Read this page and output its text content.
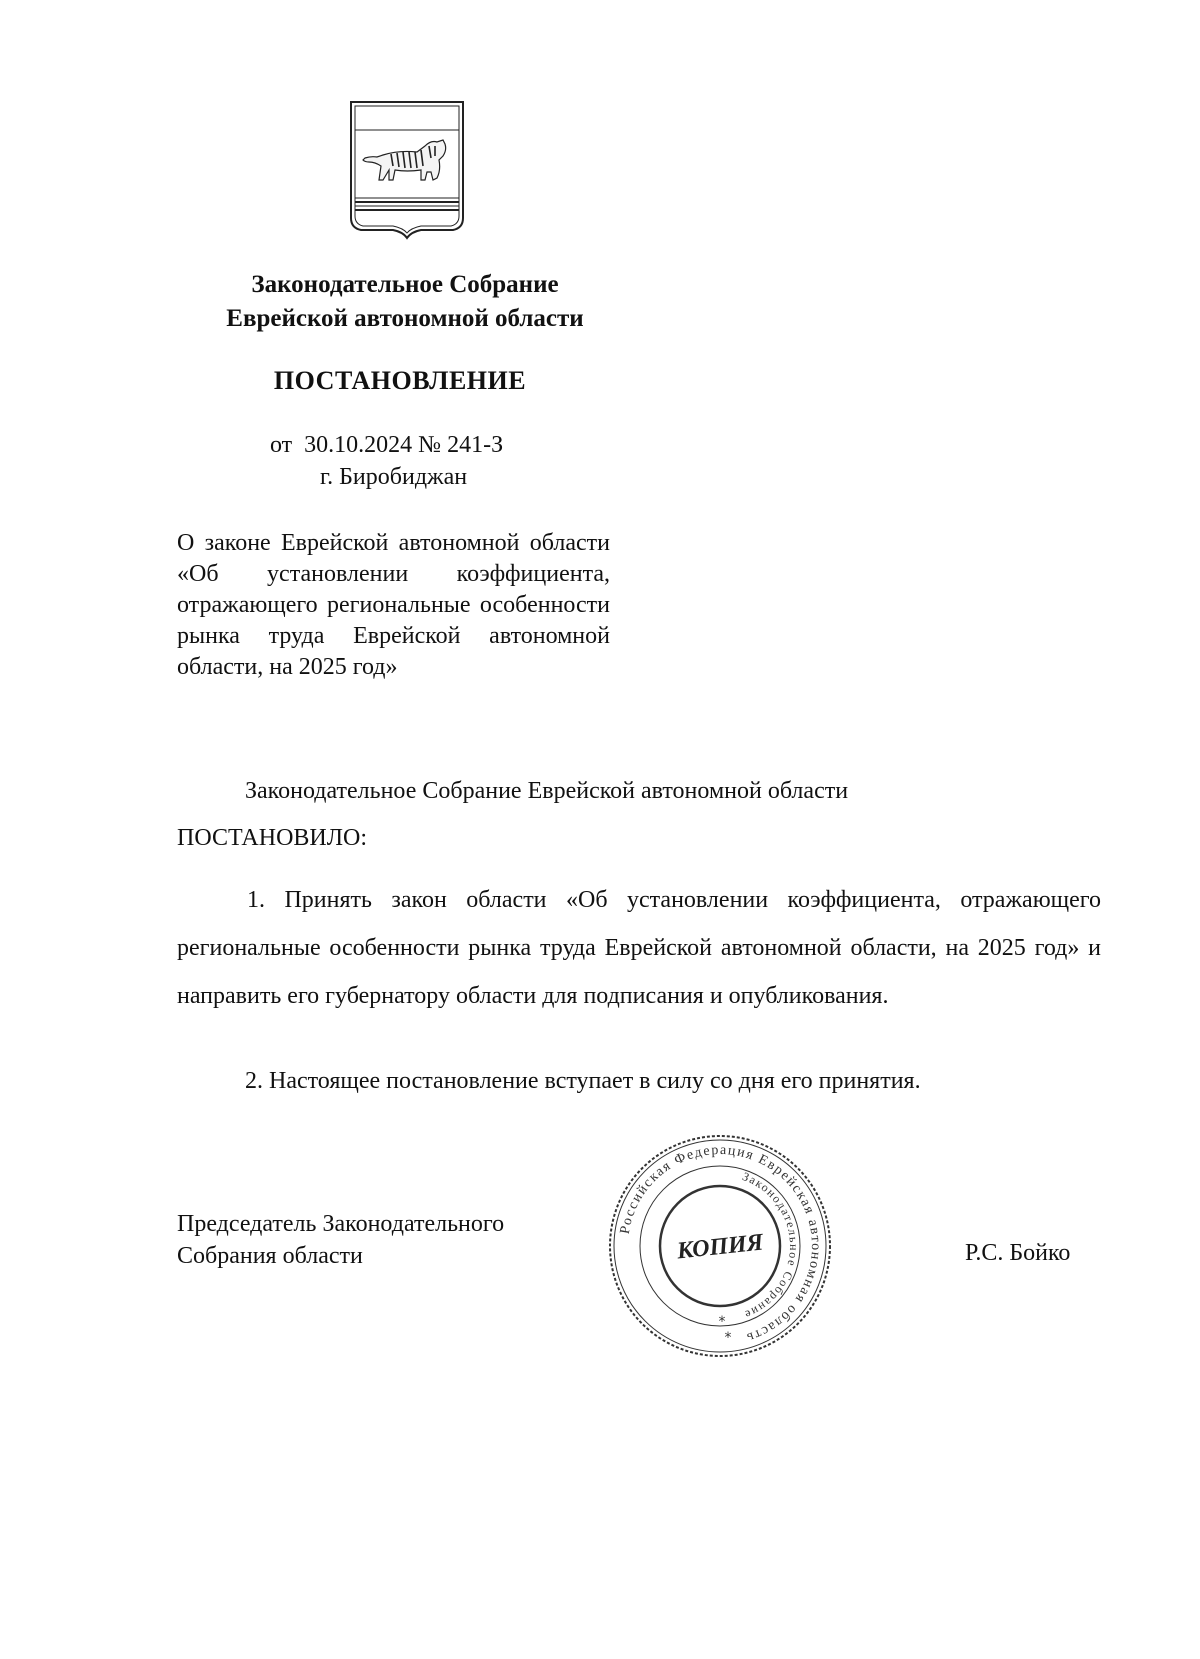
Законодательное Собрание
Еврейской автономной области
ПОСТАНОВЛЕНИЕ
от 30.10.2024 № 241-З
г. Биробиджан
О законе Еврейской автономной области «Об установлении коэффициента, отражающего региональные особенности рынка труда Еврейской автономной области, на 2025 год»
Законодательное Собрание Еврейской автономной области
ПОСТАНОВИЛО:
1. Принять закон области «Об установлении коэффициента, отражающего региональные особенности рынка труда Еврейской автономной области, на 2025 год» и направить его губернатору области для подписания и опубликования.
2. Настоящее постановление вступает в силу со дня его принятия.
Председатель Законодательного
Собрания области	Р.С. Бойко
Российская Федерация Еврейская автономная область
Законодательное Собрание
КОПИЯ
*
*
